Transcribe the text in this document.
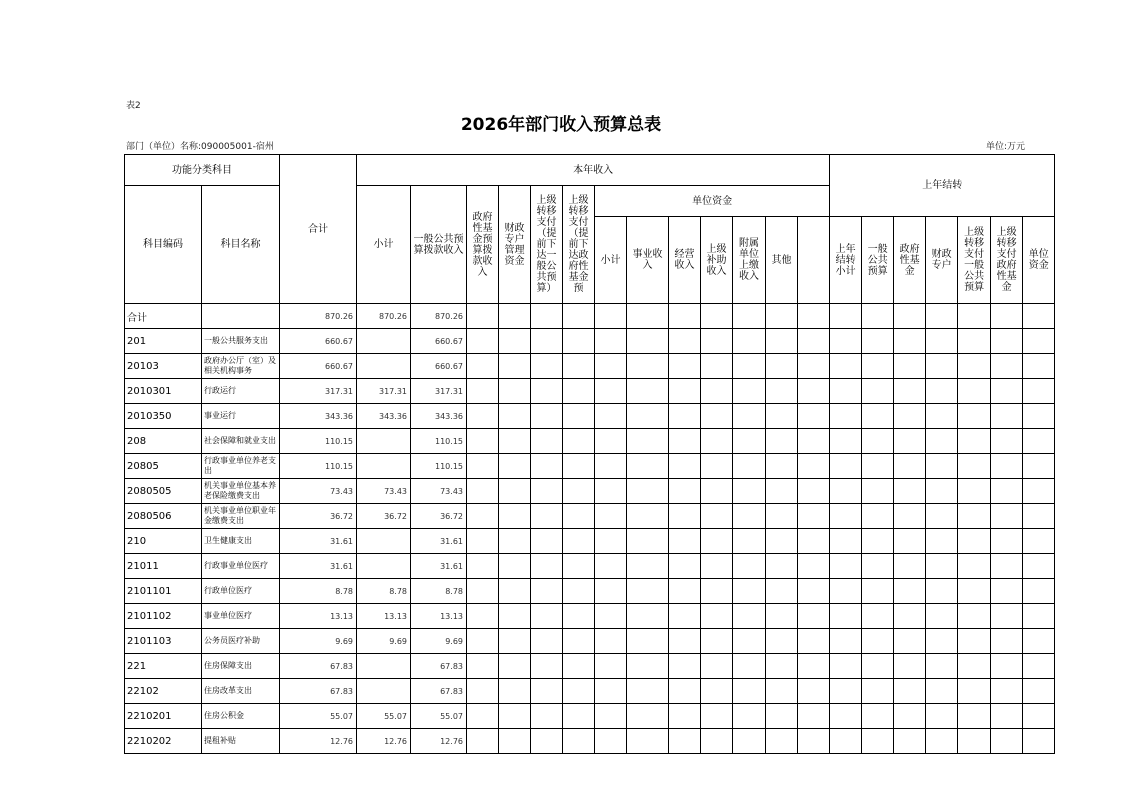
表2
2026年部门收入预算总表
部门（单位）名称:090005001-宿州	单位:万元
功能分类科目		合计	本年收入													上年结转						
科目编码	科目名称		小计	一般公共预算拨款收入	政府性基金预算拨款收入	财政专户管理资金	上级转移支付（提前下达一般公共预算）	上级转移支付（提前下达政府性基金预	单位资金													
									小计	事业收入	经营收入	上级补助收入	附属单位上缴收入	其他		上年结转小计	一般公共预算	政府性基金	财政专户	上级转移支付一般公共预算	上级转移支付政府性基金	单位资金
合计		870.26	870.26	870.26																		
201	一般公共服务支出	660.67		660.67																		
20103	政府办公厅（室）及相关机构事务	660.67		660.67																		
2010301	行政运行	317.31	317.31	317.31																		
2010350	事业运行	343.36	343.36	343.36																		
208	社会保障和就业支出	110.15		110.15																		
20805	行政事业单位养老支出	110.15		110.15																		
2080505	机关事业单位基本养老保险缴费支出	73.43	73.43	73.43																		
2080506	机关事业单位职业年金缴费支出	36.72	36.72	36.72																		
210	卫生健康支出	31.61		31.61																		
21011	行政事业单位医疗	31.61		31.61																		
2101101	行政单位医疗	8.78	8.78	8.78																		
2101102	事业单位医疗	13.13	13.13	13.13																		
2101103	公务员医疗补助	9.69	9.69	9.69																		
221	住房保障支出	67.83		67.83																		
22102	住房改革支出	67.83		67.83																		
2210201	住房公积金	55.07	55.07	55.07																		
2210202	提租补贴	12.76	12.76	12.76																		
